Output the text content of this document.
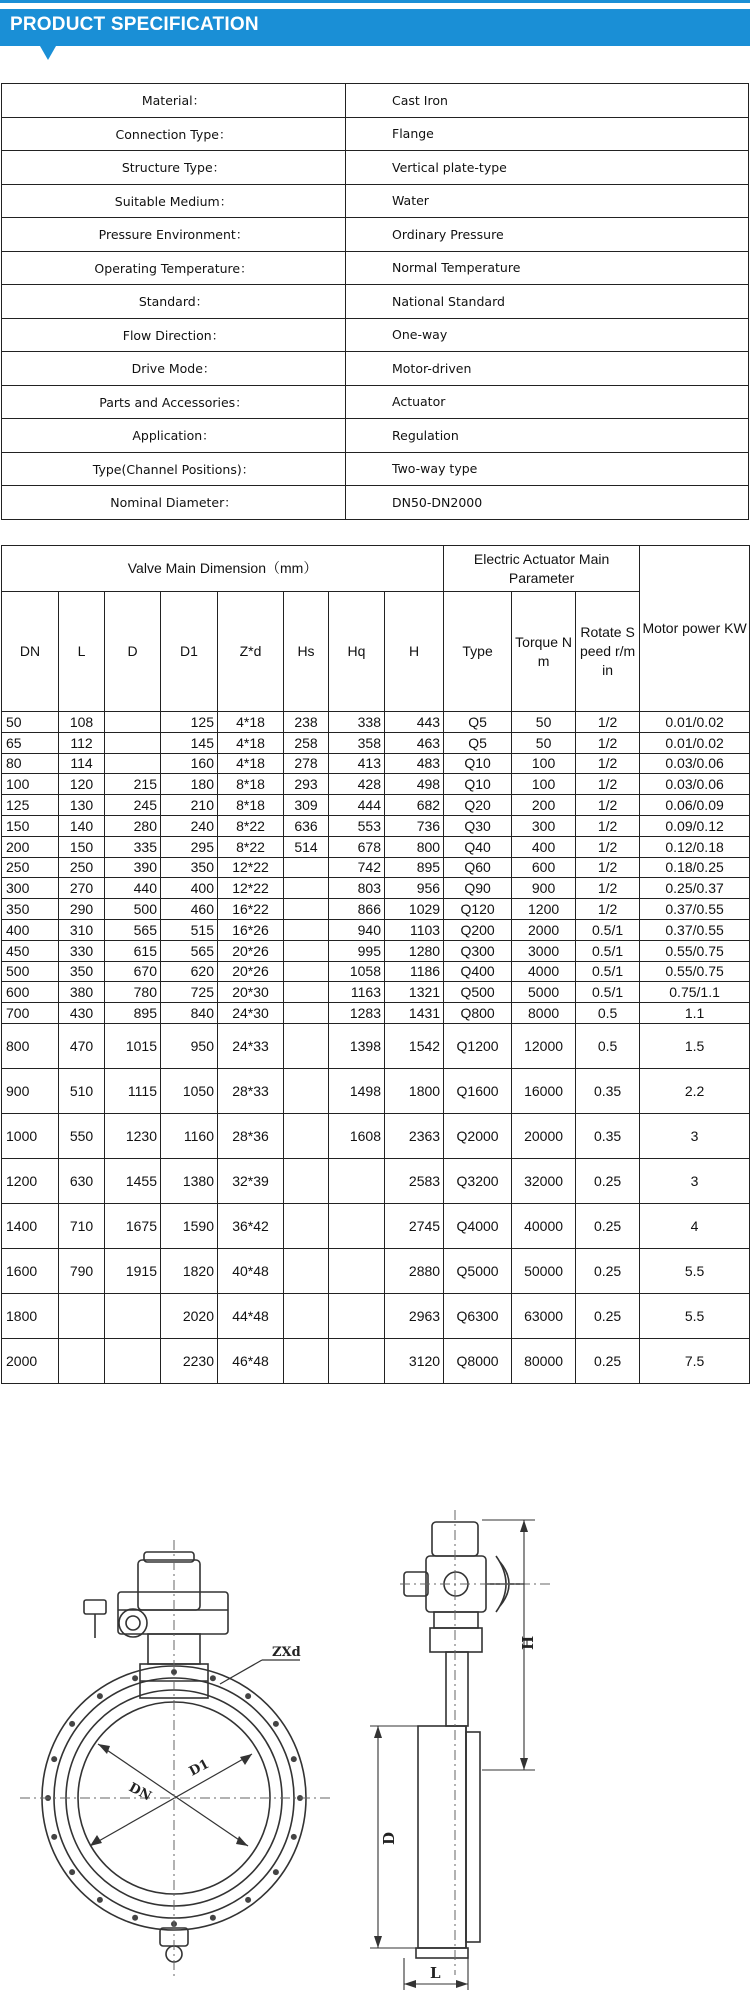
PRODUCT SPECIFICATION
Material：	Cast Iron
Connection Type：	Flange
Structure Type：	Vertical plate-type
Suitable Medium：	Water
Pressure Environment：	Ordinary Pressure
Operating Temperature：	Normal Temperature
Standard：	National Standard
Flow Direction：	One-way
Drive Mode：	Motor-driven
Parts and Accessories：	Actuator
Application：	Regulation
Type(Channel Positions)：	Two-way type
Nominal Diameter：	DN50-DN2000
Valve Main Dimension（mm）								Electric Actuator Main Parameter			Motor power KW
DN	L	D	D1	Z*d	Hs	Hq	H	Type	Torque Nm	Rotate Speed r/min	
50	108		125	4*18	238	338	443	Q5	50	1/2	0.01/0.02
65	112		145	4*18	258	358	463	Q5	50	1/2	0.01/0.02
80	114		160	4*18	278	413	483	Q10	100	1/2	0.03/0.06
100	120	215	180	8*18	293	428	498	Q10	100	1/2	0.03/0.06
125	130	245	210	8*18	309	444	682	Q20	200	1/2	0.06/0.09
150	140	280	240	8*22	636	553	736	Q30	300	1/2	0.09/0.12
200	150	335	295	8*22	514	678	800	Q40	400	1/2	0.12/0.18
250	250	390	350	12*22		742	895	Q60	600	1/2	0.18/0.25
300	270	440	400	12*22		803	956	Q90	900	1/2	0.25/0.37
350	290	500	460	16*22		866	1029	Q120	1200	1/2	0.37/0.55
400	310	565	515	16*26		940	1103	Q200	2000	0.5/1	0.37/0.55
450	330	615	565	20*26		995	1280	Q300	3000	0.5/1	0.55/0.75
500	350	670	620	20*26		1058	1186	Q400	4000	0.5/1	0.55/0.75
600	380	780	725	20*30		1163	1321	Q500	5000	0.5/1	0.75/1.1
700	430	895	840	24*30		1283	1431	Q800	8000	0.5	1.1
800	470	1015	950	24*33		1398	1542	Q1200	12000	0.5	1.5
900	510	1115	1050	28*33		1498	1800	Q1600	16000	0.35	2.2
1000	550	1230	1160	28*36		1608	2363	Q2000	20000	0.35	3
1200	630	1455	1380	32*39			2583	Q3200	32000	0.25	3
1400	710	1675	1590	36*42			2745	Q4000	40000	0.25	4
1600	790	1915	1820	40*48			2880	Q5000	50000	0.25	5.5
1800			2020	44*48			2963	Q6300	63000	0.25	5.5
2000			2230	46*48			3120	Q8000	80000	0.25	7.5
ZXd
DN
D1
H
D
L
